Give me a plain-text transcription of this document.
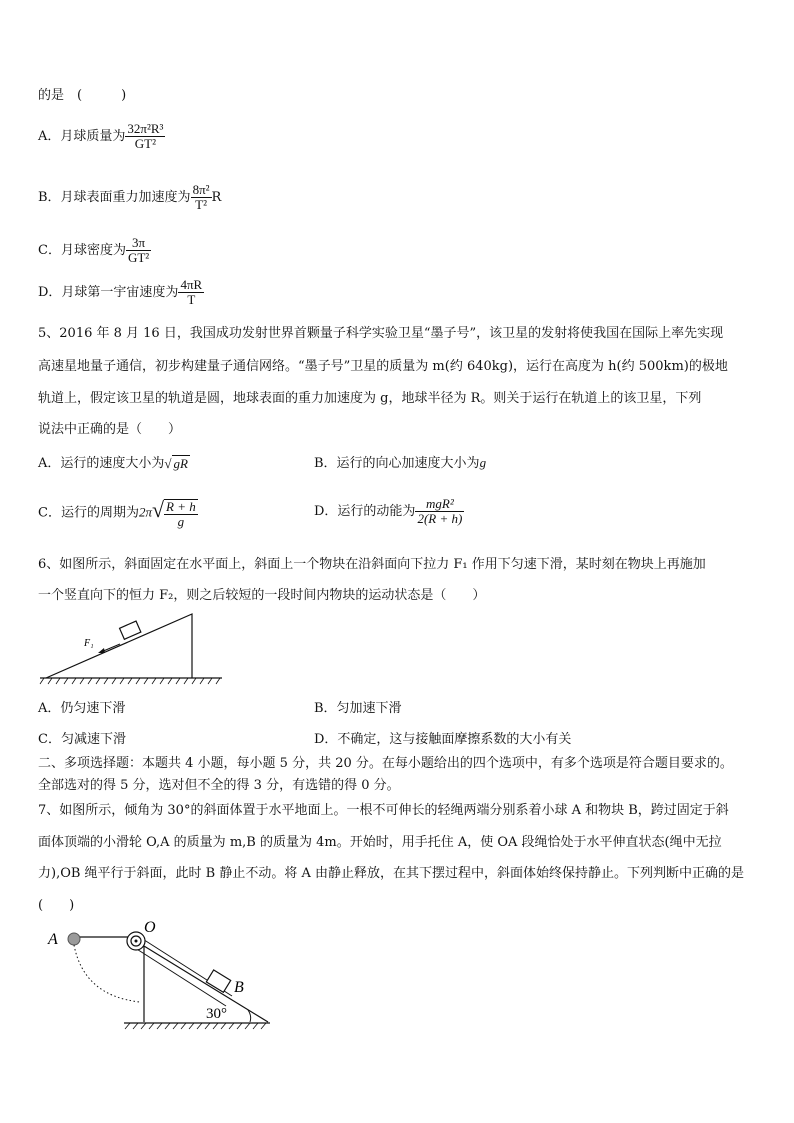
的是　(　　　)
A．月球质量为 $\frac{\text{32π²R³}}{\text{GT²}}$
B．月球表面重力加速度为 $\frac{\text{8π²}}{\text{T²}}$ R
C．月球密度为 $\frac{3\pi}{\text{GT²}}$
D．月球第一宇宙速度为 $\frac{4\pi R}{T}$
5、2016 年 8 月 16 日，我国成功发射世界首颗量子科学实验卫星“墨子号”，该卫星的发射将使我国在国际上率先实现
高速星地量子通信，初步构建量子通信网络。“墨子号”卫星的质量为 m(约 640kg)，运行在高度为 h(约 500km)的极地
轨道上，假定该卫星的轨道是圆，地球表面的重力加速度为 g，地球半径为 R。则关于运行在轨道上的该卫星，下列
说法中正确的是（　　）
A．运行的速度大小为√ gR	B．运行的向心加速度大小为g
C．运行的周期为$2\pi√ \frac{R + h}{g}$	D．运行的动能为 $\frac{\text{mgR²}}{2(R + h)}$
6、如图所示，斜面固定在水平面上，斜面上一个物块在沿斜面向下拉力 F₁ 作用下匀速下滑，某时刻在物块上再施加
一个竖直向下的恒力 F₂，则之后较短的一段时间内物块的运动状态是（　　）
F₁
A．仍匀速下滑	B．匀加速下滑
C．匀减速下滑	D．不确定，这与接触面摩擦系数的大小有关
二、多项选择题：本题共 4 小题，每小题 5 分，共 20 分。在每小题给出的四个选项中，有多个选项是符合题目要求的。
全部选对的得 5 分，选对但不全的得 3 分，有选错的得 0 分。
7、如图所示，倾角为 30°的斜面体置于水平地面上。一根不可伸长的轻绳两端分别系着小球 A 和物块 B，跨过固定于斜
面体顶端的小滑轮 O,A 的质量为 m,B 的质量为 4m。开始时，用手托住 A，使 OA 段绳恰处于水平伸直状态(绳中无拉
力),OB 绳平行于斜面，此时 B 静止不动。将 A 由静止释放，在其下摆过程中，斜面体始终保持静止。下列判断中正确的是
(　　)
A
O
B
30°
